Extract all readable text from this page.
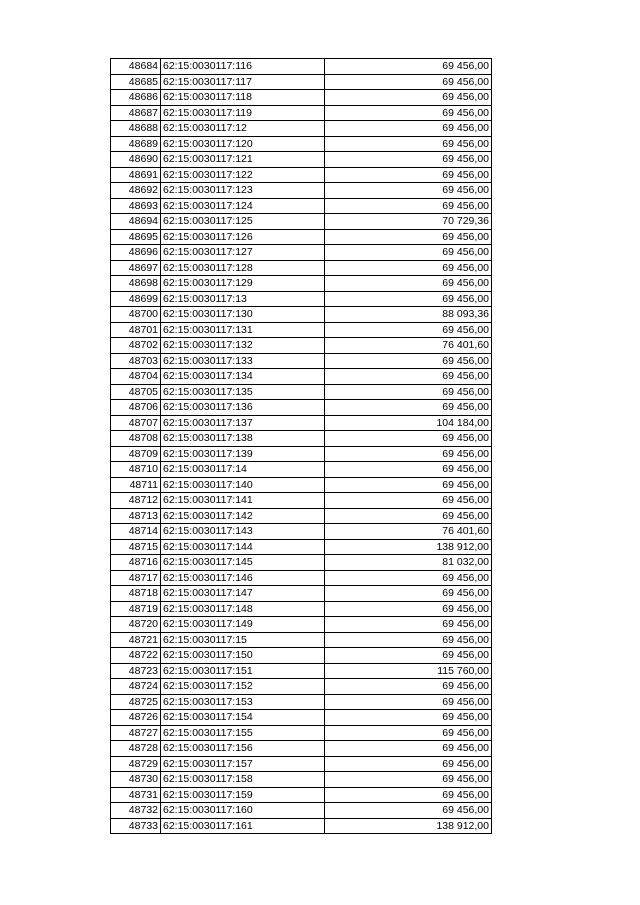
48684	62:15:0030117:116	69 456,00
48685	62:15:0030117:117	69 456,00
48686	62:15:0030117:118	69 456,00
48687	62:15:0030117:119	69 456,00
48688	62:15:0030117:12	69 456,00
48689	62:15:0030117:120	69 456,00
48690	62:15:0030117:121	69 456,00
48691	62:15:0030117:122	69 456,00
48692	62:15:0030117:123	69 456,00
48693	62:15:0030117:124	69 456,00
48694	62:15:0030117:125	70 729,36
48695	62:15:0030117:126	69 456,00
48696	62:15:0030117:127	69 456,00
48697	62:15:0030117:128	69 456,00
48698	62:15:0030117:129	69 456,00
48699	62:15:0030117:13	69 456,00
48700	62:15:0030117:130	88 093,36
48701	62:15:0030117:131	69 456,00
48702	62:15:0030117:132	76 401,60
48703	62:15:0030117:133	69 456,00
48704	62:15:0030117:134	69 456,00
48705	62:15:0030117:135	69 456,00
48706	62:15:0030117:136	69 456,00
48707	62:15:0030117:137	104 184,00
48708	62:15:0030117:138	69 456,00
48709	62:15:0030117:139	69 456,00
48710	62:15:0030117:14	69 456,00
48711	62:15:0030117:140	69 456,00
48712	62:15:0030117:141	69 456,00
48713	62:15:0030117:142	69 456,00
48714	62:15:0030117:143	76 401,60
48715	62:15:0030117:144	138 912,00
48716	62:15:0030117:145	81 032,00
48717	62:15:0030117:146	69 456,00
48718	62:15:0030117:147	69 456,00
48719	62:15:0030117:148	69 456,00
48720	62:15:0030117:149	69 456,00
48721	62:15:0030117:15	69 456,00
48722	62:15:0030117:150	69 456,00
48723	62:15:0030117:151	115 760,00
48724	62:15:0030117:152	69 456,00
48725	62:15:0030117:153	69 456,00
48726	62:15:0030117:154	69 456,00
48727	62:15:0030117:155	69 456,00
48728	62:15:0030117:156	69 456,00
48729	62:15:0030117:157	69 456,00
48730	62:15:0030117:158	69 456,00
48731	62:15:0030117:159	69 456,00
48732	62:15:0030117:160	69 456,00
48733	62:15:0030117:161	138 912,00
